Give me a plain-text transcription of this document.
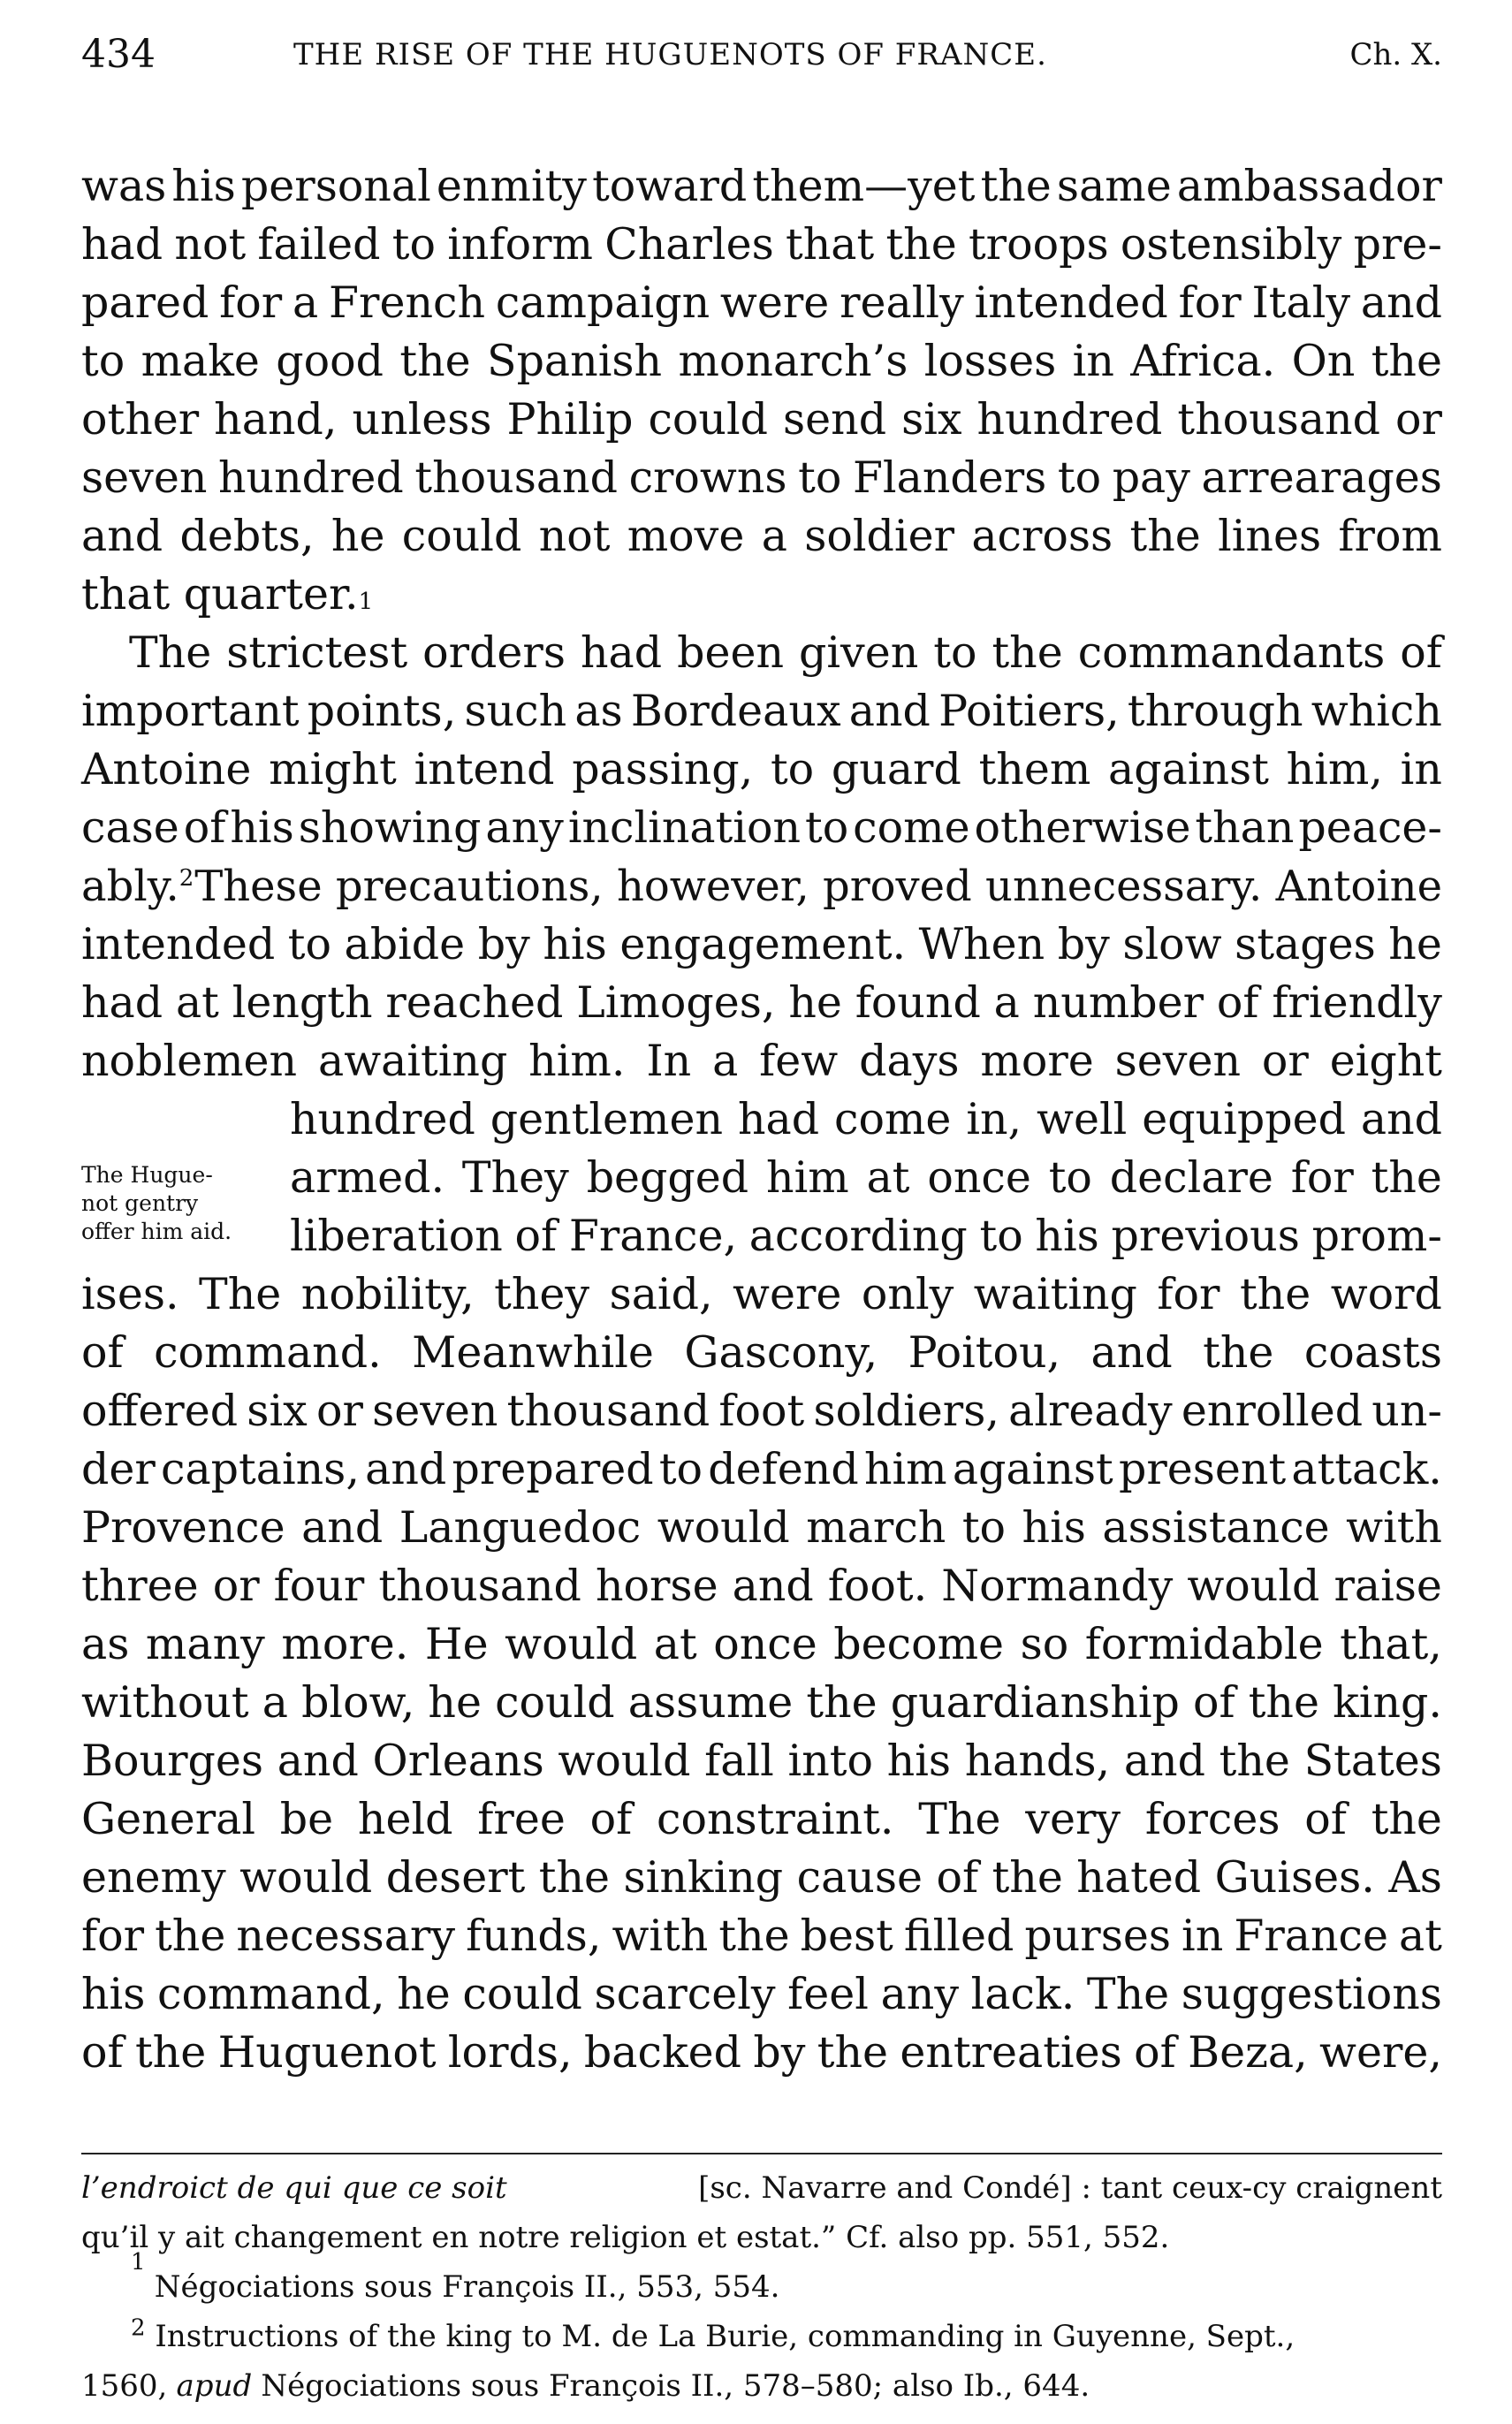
434	THE RISE OF THE HUGUENOTS OF FRANCE.	Ch. X.
was his personal enmity toward them—yet the same ambassador
had not failed to inform Charles that the troops ostensibly pre-
pared for a French campaign were really intended for Italy and
to make good the Spanish monarch’s losses in Africa. On the
other hand, unless Philip could send six hundred thousand or
seven hundred thousand crowns to Flanders to pay arrearages
and debts, he could not move a soldier across the lines from
that quarter. 1
The strictest orders had been given to the commandants of
important points, such as Bordeaux and Poitiers, through which
Antoine might intend passing, to guard them against him, in
case of his showing any inclination to come otherwise than peace-
ably.$^2$ These precautions, however, proved unnecessary. Antoine
intended to abide by his engagement. When by slow stages he
had at length reached Limoges, he found a number of friendly
noblemen awaiting him. In a few days more seven or eight
The Hugue-
not gentry
offer him aid.
hundred gentlemen had come in, well equipped and
armed. They begged him at once to declare for the
liberation of France, according to his previous prom-
ises. The nobility, they said, were only waiting for the word
of command. Meanwhile Gascony, Poitou, and the coasts
offered six or seven thousand foot soldiers, already enrolled un-
der captains, and prepared to defend him against present attack.
Provence and Languedoc would march to his assistance with
three or four thousand horse and foot. Normandy would raise
as many more. He would at once become so formidable that,
without a blow, he could assume the guardianship of the king.
Bourges and Orleans would fall into his hands, and the States
General be held free of constraint. The very forces of the
enemy would desert the sinking cause of the hated Guises. As
for the necessary funds, with the best filled purses in France at
his command, he could scarcely feel any lack. The suggestions
of the Huguenot lords, backed by the entreaties of Beza, were,
l’endroict de qui que ce soit	[sc. Navarre and Condé] : tant ceux-cy craignent
qu’il y ait changement en notre religion et estat.” Cf. also pp. 551, 552.
1
Négociations sous François II., 553, 554.
$^2$ Instructions of the king to M. de La Burie, commanding in Guyenne, Sept.,
1560, apud Négociations sous François II., 578–580; also Ib., 644.
